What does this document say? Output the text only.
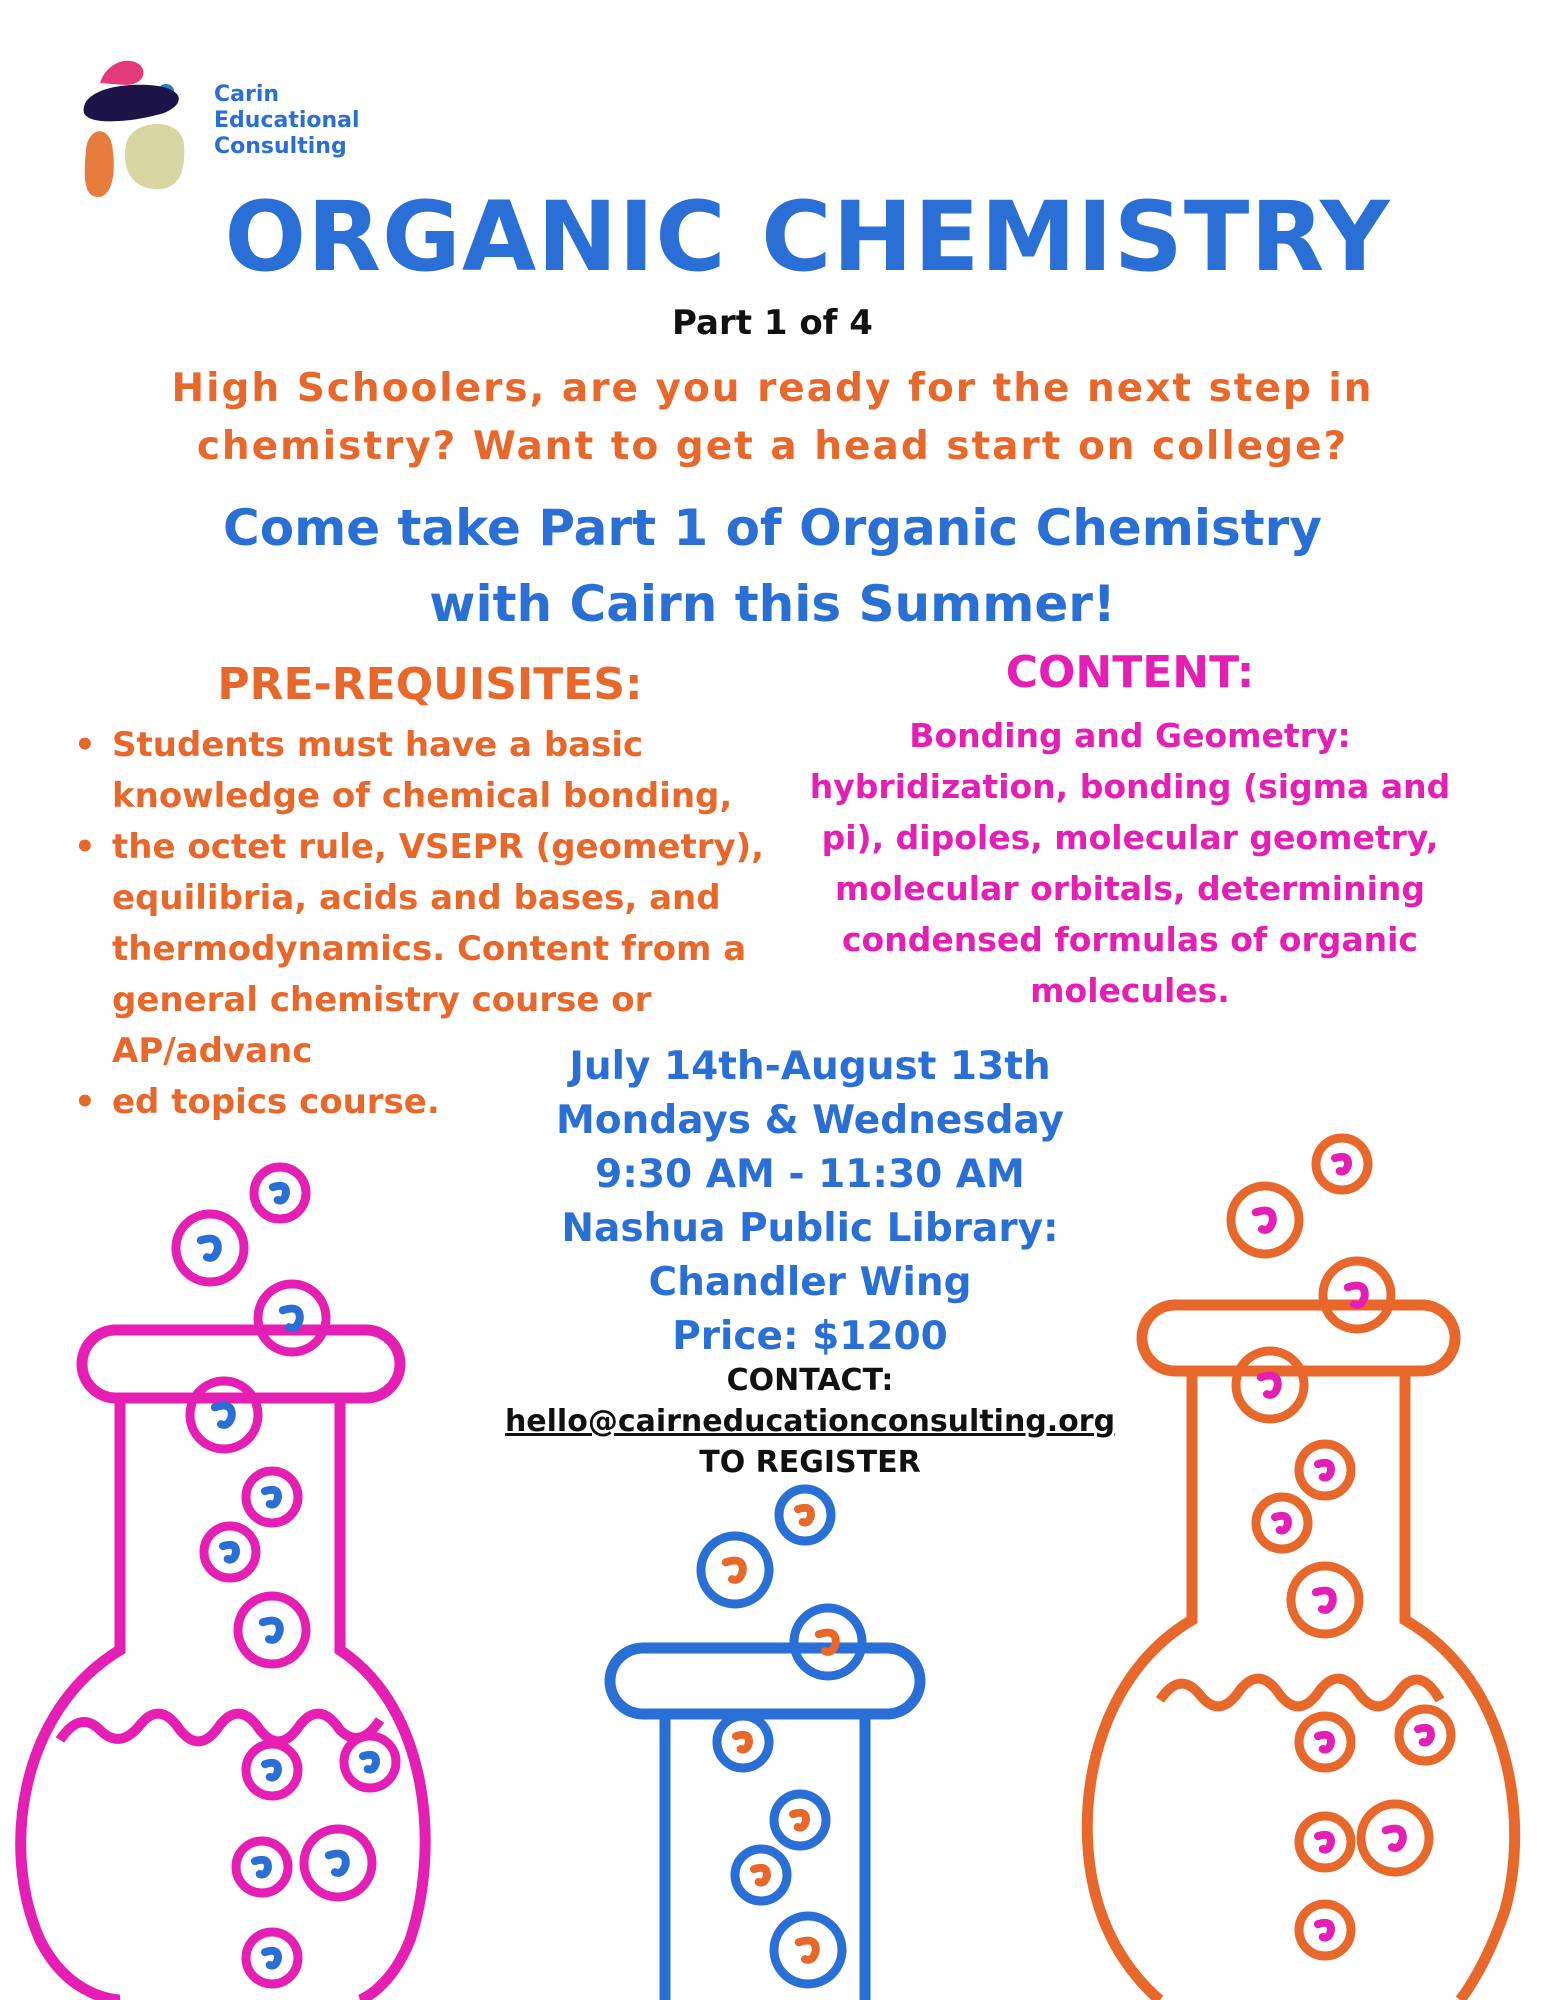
Carin
Educational
Consulting
ORGANIC CHEMISTRY
Part 1 of 4
High Schoolers, are you ready for the next step in
chemistry? Want to get a head start on college?
Come take Part 1 of Organic Chemistry
with Cairn this Summer!
PRE-REQUISITES:
• Students must have a basic
knowledge of chemical bonding,
• the octet rule, VSEPR (geometry),
equilibria, acids and bases, and
thermodynamics. Content from a
general chemistry course or
AP/advanc
• ed topics course.
CONTENT:
Bonding and Geometry:
hybridization, bonding (sigma and
pi), dipoles, molecular geometry,
molecular orbitals, determining
condensed formulas of organic
molecules.
July 14th-August 13th
Mondays & Wednesday
9:30 AM - 11:30 AM
Nashua Public Library:
Chandler Wing
Price: $1200
CONTACT:
hello@cairneducationconsulting.org
TO REGISTER
